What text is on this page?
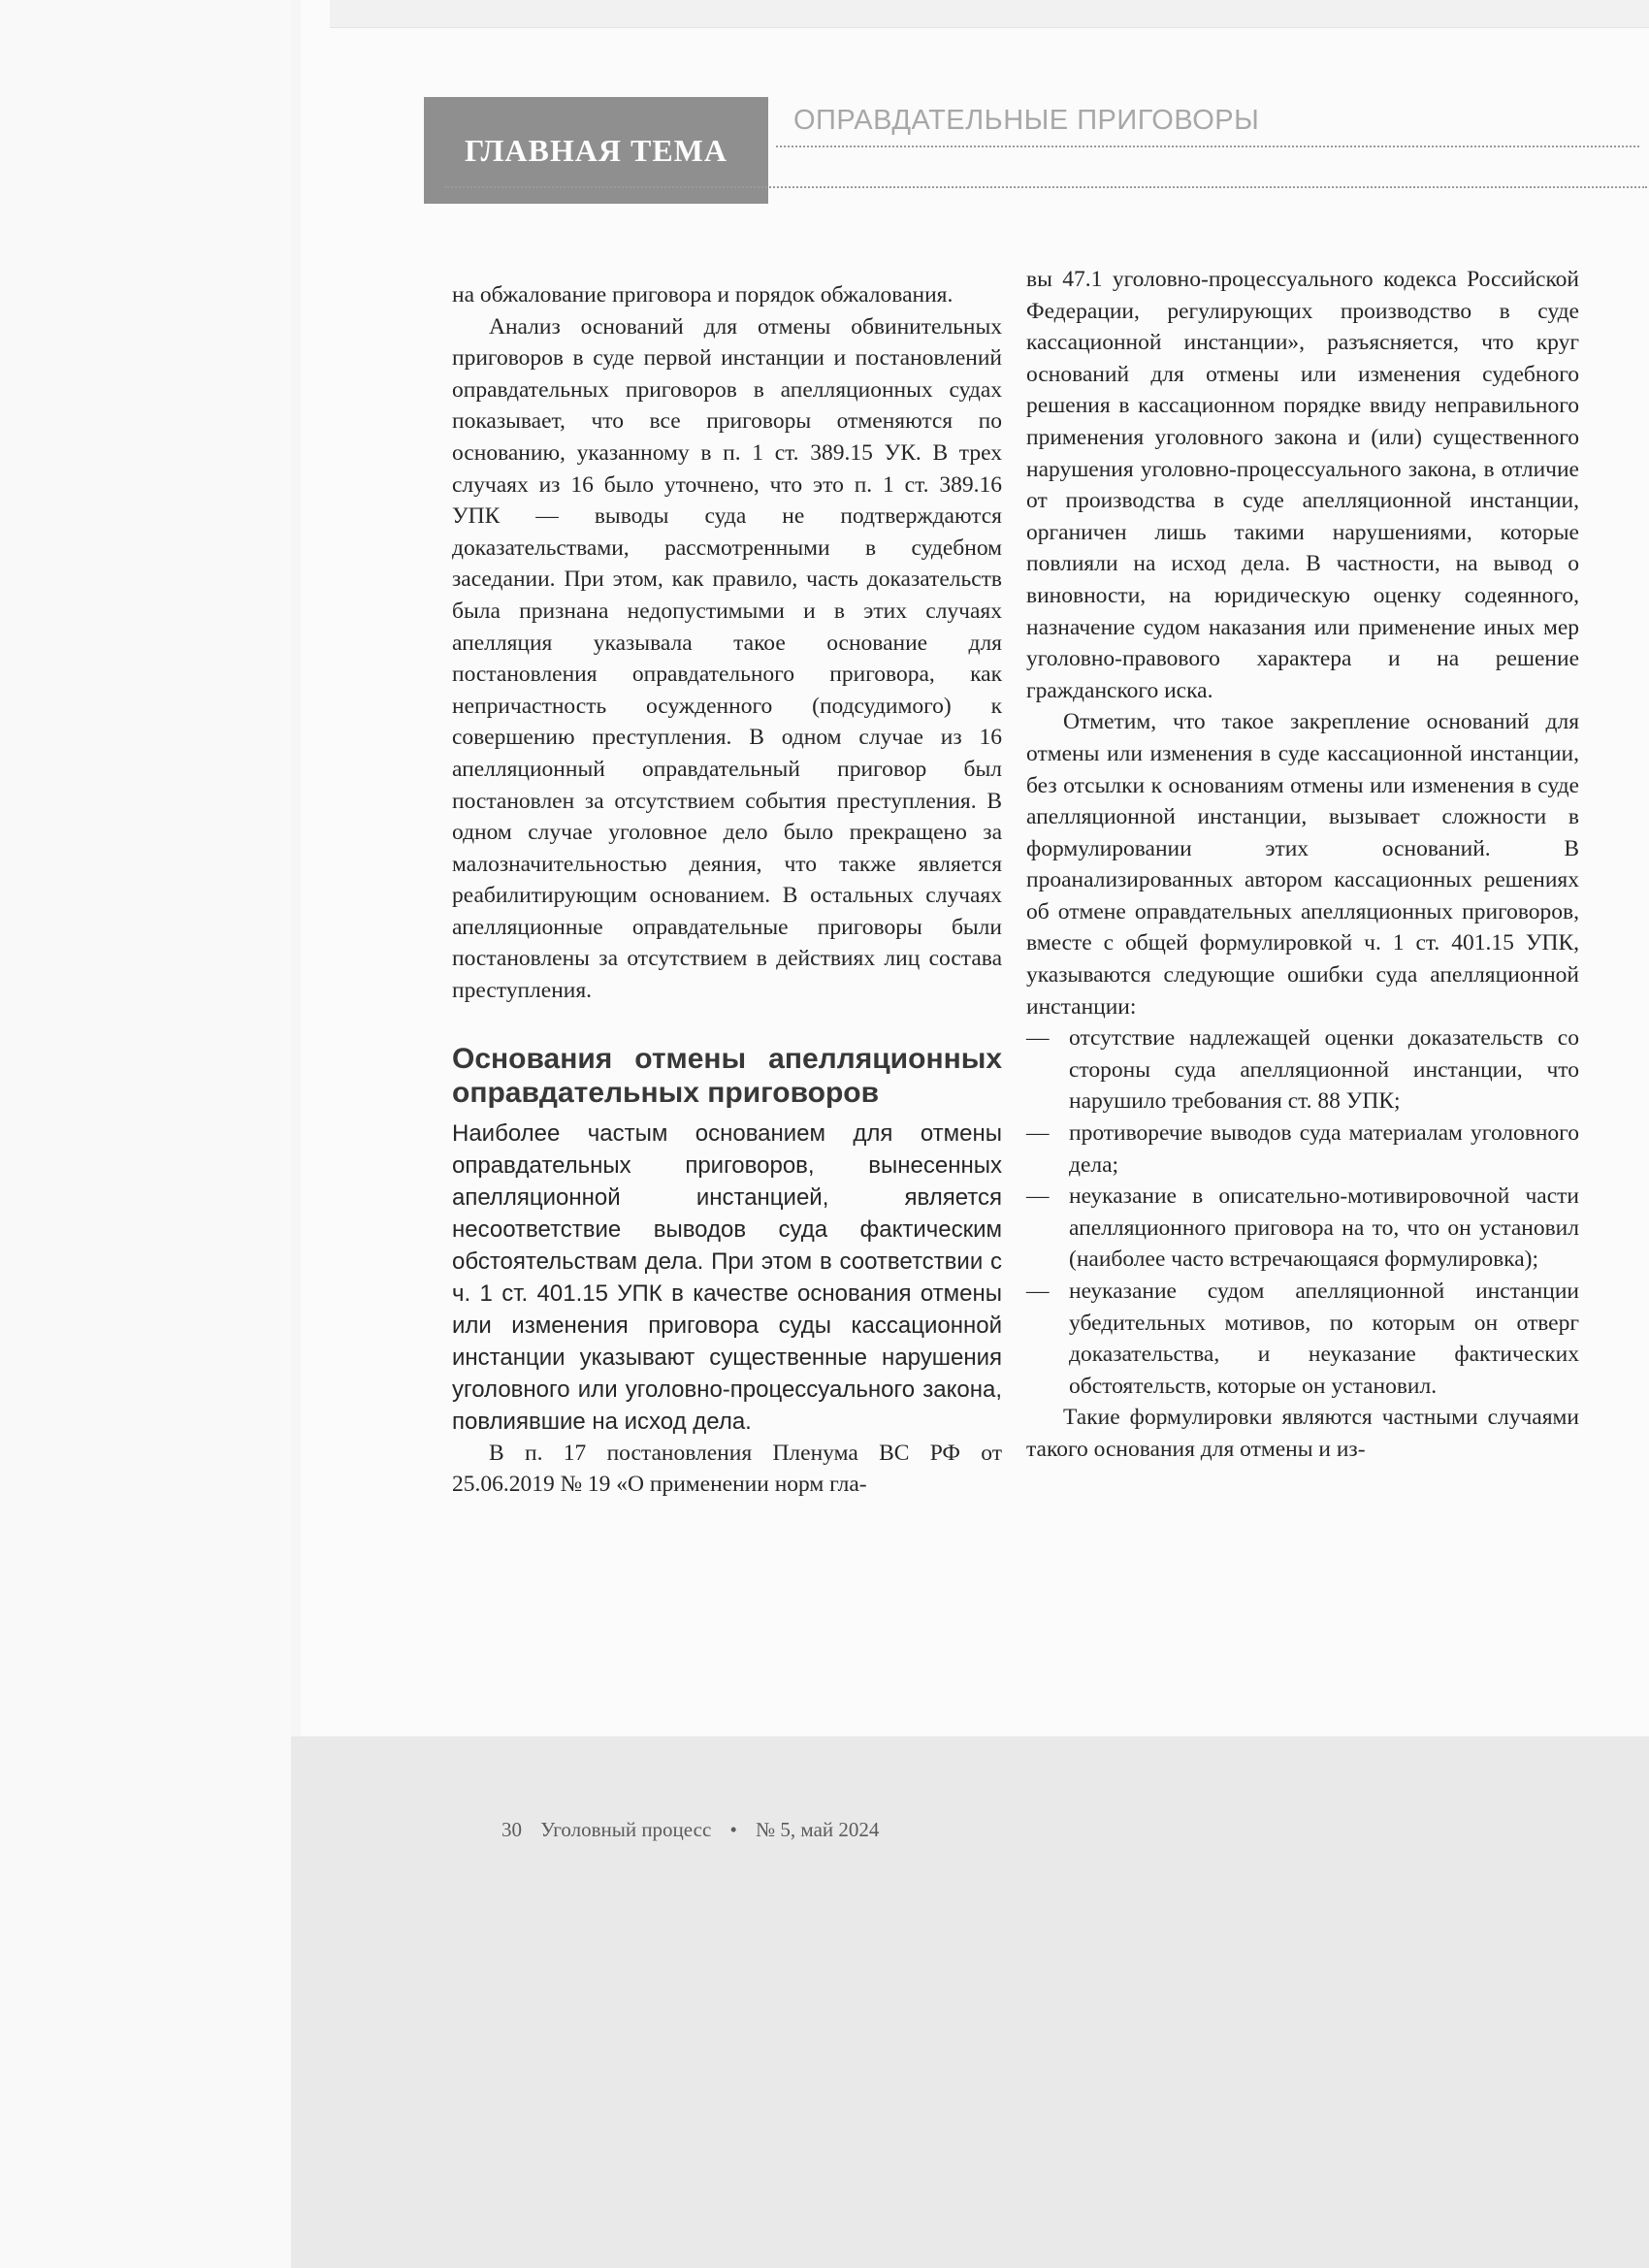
ГЛАВНАЯ ТЕМА
ОПРАВДАТЕЛЬНЫЕ ПРИГОВОРЫ

на обжалование приговора и порядок обжалования.

Анализ оснований для отмены обвинительных приговоров в суде первой инстанции и постановлений оправдательных приговоров в апелляционных судах показывает, что все приговоры отменяются по основанию, указанному в п. 1 ст. 389.15 УК. В трех случаях из 16 было уточнено, что это п. 1 ст. 389.16 УПК — выводы суда не подтверждаются доказательствами, рассмотренными в судебном заседании. При этом, как правило, часть доказательств была признана недопустимыми и в этих случаях апелляция указывала такое основание для постановления оправдательного приговора, как непричастность осужденного (подсудимого) к совершению преступления. В одном случае из 16 апелляционный оправдательный приговор был постановлен за отсутствием события преступления. В одном случае уголовное дело было прекращено за малозначительностью деяния, что также является реабилитирующим основанием. В остальных случаях апелляционные оправдательные приговоры были постановлены за отсутствием в действиях лиц состава преступления.

Основания отмены апелляционных оправдательных приговоров

Наиболее частым основанием для отмены оправдательных приговоров, вынесенных апелляционной инстанцией, является несоответствие выводов суда фактическим обстоятельствам дела. При этом в соответствии с ч. 1 ст. 401.15 УПК в качестве основания отмены или изменения приговора суды кассационной инстанции указывают существенные нарушения уголовного или уголовно-процессуального закона, повлиявшие на исход дела.

В п. 17 постановления Пленума ВС РФ от 25.06.2019 № 19 «О применении норм гла-

вы 47.1 уголовно-процессуального кодекса Российской Федерации, регулирующих производство в суде кассационной инстанции», разъясняется, что круг оснований для отмены или изменения судебного решения в кассационном порядке ввиду неправильного применения уголовного закона и (или) существенного нарушения уголовно-процессуального закона, в отличие от производства в суде апелляционной инстанции, органичен лишь такими нарушениями, которые повлияли на исход дела. В частности, на вывод о виновности, на юридическую оценку содеянного, назначение судом наказания или применение иных мер уголовно-правового характера и на решение гражданского иска.

Отметим, что такое закрепление оснований для отмены или изменения в суде кассационной инстанции, без отсылки к основаниям отмены или изменения в суде апелляционной инстанции, вызывает сложности в формулировании этих оснований. В проанализированных автором кассационных решениях об отмене оправдательных апелляционных приговоров, вместе с общей формулировкой ч. 1 ст. 401.15 УПК, указываются следующие ошибки суда апелляционной инстанции:

— отсутствие надлежащей оценки доказательств со стороны суда апелляционной инстанции, что нарушило требования ст. 88 УПК;
— противоречие выводов суда материалам уголовного дела;
— неуказание в описательно-мотивировочной части апелляционного приговора на то, что он установил (наиболее часто встречающаяся формулировка);
— неуказание судом апелляционной инстанции убедительных мотивов, по которым он отверг доказательства, и неуказание фактических обстоятельств, которые он установил.

Такие формулировки являются частными случаями такого основания для отмены и из-

30 Уголовный процесс • № 5, май 2024
